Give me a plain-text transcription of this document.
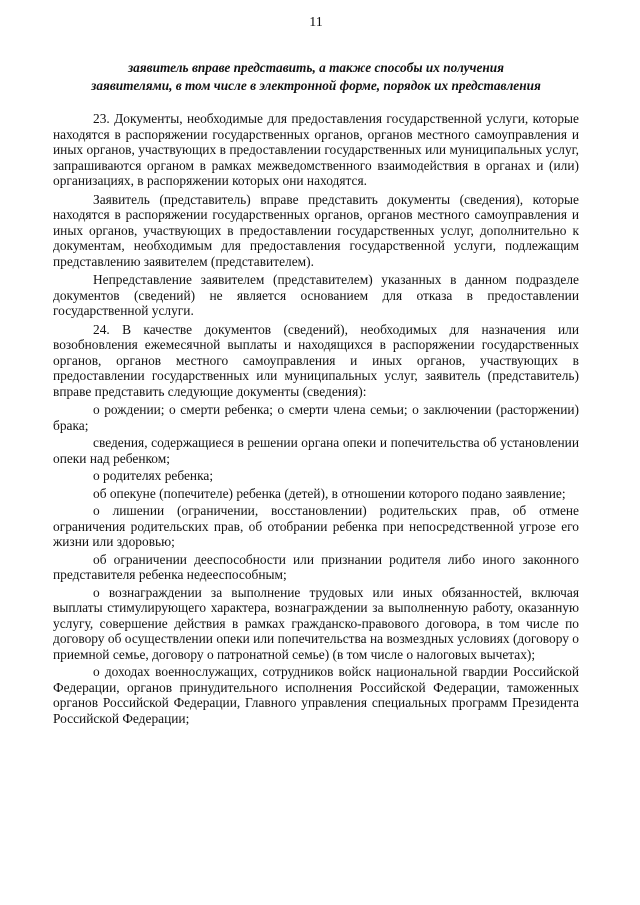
11
заявитель вправе представить, а также способы их получения
заявителями, в том числе в электронной форме, порядок их представления

23. Документы, необходимые для предоставления государственной услуги, которые находятся в распоряжении государственных органов, органов местного самоуправления и иных органов, участвующих в предоставлении государственных или муниципальных услуг, запрашиваются органом в рамках межведомственного взаимодействия в органах и (или) организациях, в распоряжении которых они находятся.

Заявитель (представитель) вправе представить документы (сведения), которые находятся в распоряжении государственных органов, органов местного самоуправления и иных органов, участвующих в предоставлении государственных услуг, дополнительно к документам, необходимым для предоставления государственной услуги, подлежащим представлению заявителем (представителем).

Непредставление заявителем (представителем) указанных в данном подразделе документов (сведений) не является основанием для отказа в предоставлении государственной услуги.

24. В качестве документов (сведений), необходимых для назначения или возобновления ежемесячной выплаты и находящихся в распоряжении государственных органов, органов местного самоуправления и иных органов, участвующих в предоставлении государственных или муниципальных услуг, заявитель (представитель) вправе представить следующие документы (сведения):

о рождении; о смерти ребенка; о смерти члена семьи; о заключении (расторжении) брака;

сведения, содержащиеся в решении органа опеки и попечительства об установлении опеки над ребенком;

о родителях ребенка;

об опекуне (попечителе) ребенка (детей), в отношении которого подано заявление;

о лишении (ограничении, восстановлении) родительских прав, об отмене ограничения родительских прав, об отобрании ребенка при непосредственной угрозе его жизни или здоровью;

об ограничении дееспособности или признании родителя либо иного законного представителя ребенка недееспособным;

о вознаграждении за выполнение трудовых или иных обязанностей, включая выплаты стимулирующего характера, вознаграждении за выполненную работу, оказанную услугу, совершение действия в рамках гражданско-правового договора, в том числе по договору об осуществлении опеки или попечительства на возмездных условиях (договору о приемной семье, договору о патронатной семье) (в том числе о налоговых вычетах);

о доходах военнослужащих, сотрудников войск национальной гвардии Российской Федерации, органов принудительного исполнения Российской Федерации, таможенных органов Российской Федерации, Главного управления специальных программ Президента Российской Федерации;
